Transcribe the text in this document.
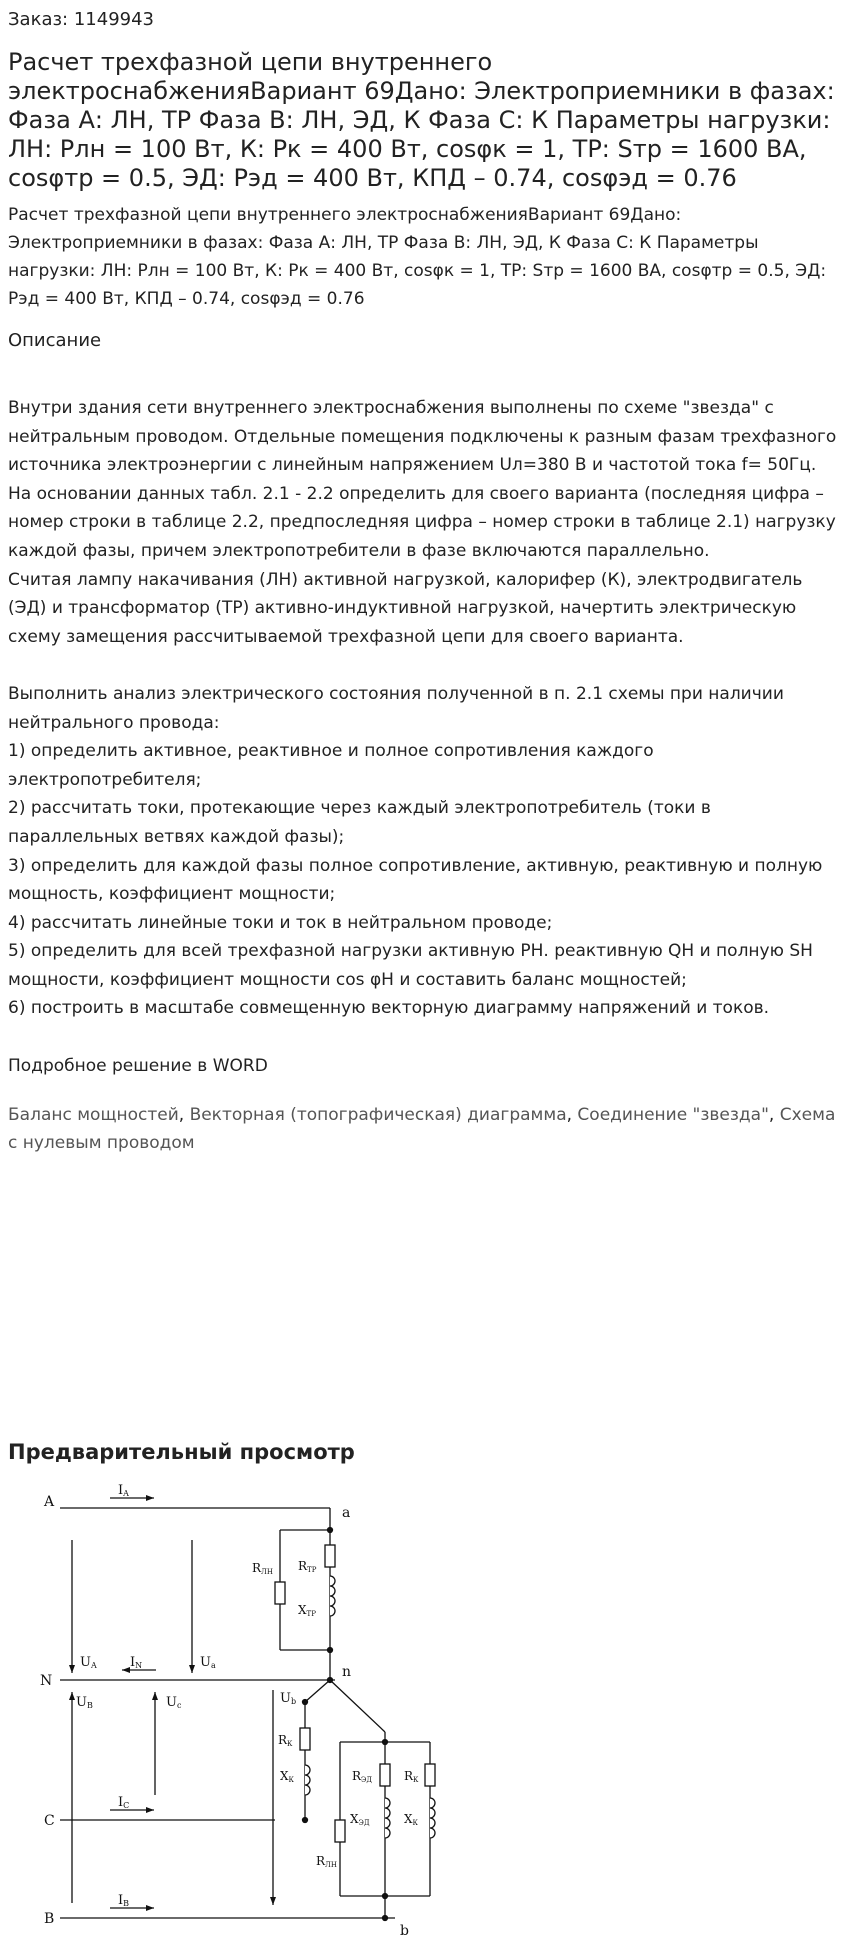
Заказ: 1149943
Расчет трехфазной цепи внутреннего электроснабженияВариант 69Дано: Электроприемники в фазах: Фаза А: ЛН, ТР Фаза В: ЛН, ЭД, К Фаза С: К Параметры нагрузки: ЛН: Рлн = 100 Вт, К: Рк = 400 Вт, cosφк = 1, ТР: Sтр = 1600 ВА, cosφтр = 0.5, ЭД: Рэд = 400 Вт, КПД – 0.74, cosφэд = 0.76
Расчет трехфазной цепи внутреннего электроснабженияВариант 69Дано: Электроприемники в фазах: Фаза А: ЛН, ТР Фаза В: ЛН, ЭД, К Фаза С: К Параметры нагрузки: ЛН: Рлн = 100 Вт, К: Рк = 400 Вт, cosφк = 1, ТР: Sтр = 1600 ВА, cosφтр = 0.5, ЭД: Рэд = 400 Вт, КПД – 0.74, cosφэд = 0.76
Описание
Внутри здания сети внутреннего электроснабжения выполнены по схеме "звезда" с нейтральным проводом. Отдельные помещения подключены к разным фазам трехфазного источника электроэнергии с линейным напряжением Uл=380 В и частотой тока f= 50Гц.
На основании данных табл. 2.1 - 2.2 определить для своего варианта (последняя цифра – номер строки в таблице 2.2, предпоследняя цифра – номер строки в таблице 2.1) нагрузку каждой фазы, причем электропотребители в фазе включаются параллельно.
Считая лампу накачивания (ЛН) активной нагрузкой, калорифер (К), электродвигатель (ЭД) и трансформатор (ТР) активно-индуктивной нагрузкой, начертить электрическую схему замещения рассчитываемой трехфазной цепи для своего варианта.

Выполнить анализ электрического состояния полученной в п. 2.1 схемы при наличии нейтрального провода:
1) определить активное, реактивное и полное сопротивления каждого электропотребителя;
2) рассчитать токи, протекающие через каждый электропотребитель (токи в параллельных ветвях каждой фазы);
3) определить для каждой фазы полное сопротивление, активную, реактивную и полную мощность, коэффициент мощности;
4) рассчитать линейные токи и ток в нейтральном проводе;
5) определить для всей трехфазной нагрузки активную PН. реактивную QН и полную SН мощности, коэффициент мощности cos φН и составить баланс мощностей;
6) построить в масштабе совмещенную векторную диаграмму напряжений и токов.

Подробное решение в WORD
Баланс мощностей, Векторная (топографическая) диаграмма, Соединение "звезда", Схема с нулевым проводом
Предварительный просмотр
A
N
C
B
a
n
b
IA
IN
IC
IB
UA
UB
Ua
Uc	Ub
RЛН RТР
XТР
RК
XК	RЭД
XЭД
RК
XК
RЛН
